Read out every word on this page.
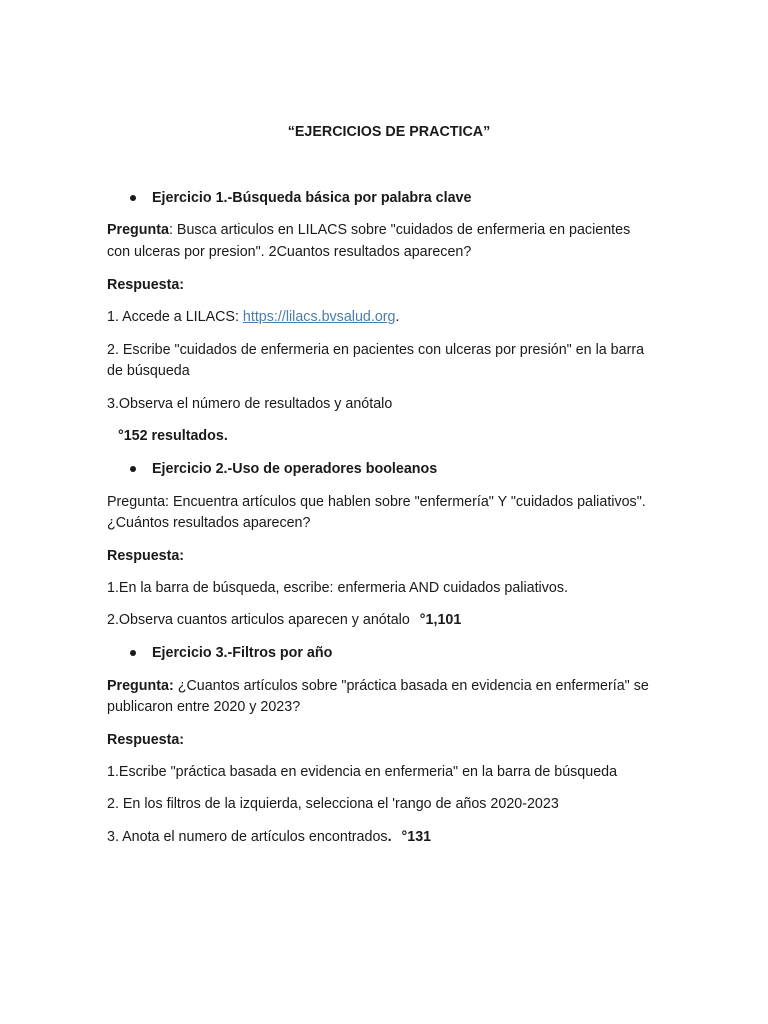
“EJERCICIOS DE PRACTICA”
Ejercicio 1.-Búsqueda básica por palabra clave
Pregunta: Busca articulos en LILACS sobre "cuidados de enfermeria en pacientes
con ulceras por presion". 2Cuantos resultados aparecen?
Respuesta:
1. Accede a LILACS: https://lilacs.bvsalud.org.
2. Escribe "cuidados de enfermeria en pacientes con ulceras por presión" en la barra
de búsqueda
3.Observa el número de resultados y anótalo
°152 resultados.
Ejercicio 2.-Uso de operadores booleanos
Pregunta: Encuentra artículos que hablen sobre "enfermería" Y "cuidados paliativos".
¿Cuántos resultados aparecen?
Respuesta:
1.En la barra de búsqueda, escribe: enfermeria AND cuidados paliativos.
2.Observa cuantos articulos aparecen y anótalo °1,101
Ejercicio 3.-Filtros por año
Pregunta: ¿Cuantos artículos sobre "práctica basada en evidencia en enfermería" se
publicaron entre 2020 y 2023?
Respuesta:
1.Escribe "práctica basada en evidencia en enfermeria" en la barra de búsqueda
2. En los filtros de la izquierda, selecciona el 'rango de años 2020-2023
3. Anota el numero de artículos encontrados. °131
